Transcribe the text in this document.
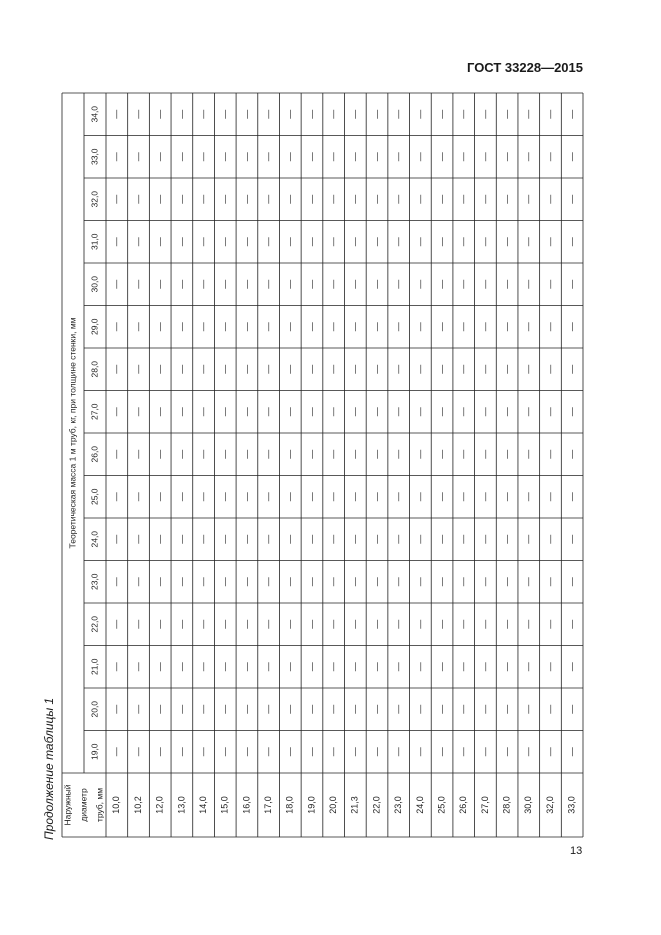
ГОСТ 33228—2015
Продолжение таблицы 1
Теоретическая масса 1 м труб, кг, при толщине стенки, мм
Наружный диаметр труб, мм
19,0
20,0
21,0
22,0
23,0
24,0
25,0
26,0
27,0
28,0
29,0
30,0
31,0
32,0
33,0
34,0
10,0 10,2 12,0 13,0 14,0 15,0 16,0 17,0 18,0 19,0 20,0 21,3 22,0 23,0 24,0 25,0 26,0 27,0 28,0 30,0 32,0 33,0
—
—
—
—
—
—
—
—
—
—
—
—
—
—
—
—
—
—
—
—
—
—
—
—
—
—
—
—
—
—
—
—
—
—
—
—
—
—
—
—
—
—
—
—
—
—
—
—
—
—
—
—
—
—
—
—
—
—
—
—
—
—
—
—
—
—
—
—
—
—
—
—
—
—
—
—
—
—
—
—
—
—
—
—
—
—
—
—
—
—
—
—
—
—
—
—
—
—
—
—
—
—
—
—
—
—
—
—
—
—
—
—
—
—
—
—
—
—
—
—
—
—
—
—
—
—
—
—
—
—
—
—
—
—
—
—
—
—
—
—
—
—
—
—
—
—
—
—
—
—
—
—
—
—
—
—
—
—
—
—
—
—
—
—
—
—
—
—
—
—
—
—
—
—
—
—
—
—
—
—
—
—
—
—
—
—
—
—
—
—
—
—
—
—
—
—
—
—
—
—
—
—
—
—
—
—
—
—
—
—
—
—
—
—
—
—
—
—
—
—
—
—
—
—
—
—
—
—
—
—
—
—
—
—
—
—
—
—
—
—
—
—
—
—
—
—
—
—
—
—
—
—
—
—
—
—
—
—
—
—
—
—
—
—
—
—
—
—
—
—
—
—
—
—
—
—
—
—
—
—
—
—
—
—
—
—
—
—
—
—
—
—
—
—
—
—
—
—
—
—
—
—
—
—
—
—
—
—
—
—
—
—
—
—
—
—
—
—
—
—
—
—
—
—
—
—
—
—
—
—
—
—
—
—
—
—
—
—
—
—
—
—
—
—
—
—
—
—
—
—
—
—
13
